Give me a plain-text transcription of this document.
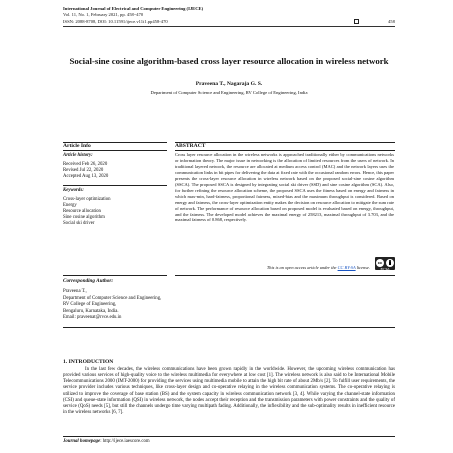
International Journal of Electrical and Computer Engineering (IJECE)
Vol. 11, No. 1, February 2021, pp. 458~470
ISSN: 2088-8708, DOI: 10.11591/ijece.v11i1.pp458-470	458
Social-sine cosine algorithm-based cross layer resource allocation in wireless network
Praveena T., Nagaraja G. S.
Department of Computer Science and Engineering, RV College of Engineering, India
Article Info	ABSTRACT
Article history:
Received Feb 26, 2020
Revised Jul 22, 2020
Accepted Aug 13, 2020
Keywords:
Cross-layer optimization
Energy
Resource allocation
Sine cosine algorithm
Social ski driver
Cross layer resource allocation in the wireless networks is approached traditionally either by communications networks or information theory. The major issue in networking is the allocation of limited resources from the users of network. In traditional layered network, the resource are allocated at medium access control (MAC) and the network layers uses the communication links in bit pipes for delivering the data at fixed rate with the occasional random errors. Hence, this paper presents the cross-layer resource allocation in wireless network based on the proposed social-sine cosine algorithm (SSCA). The proposed SSCA is designed by integrating social ski driver (SSD) and sine cosine algorithm (SCA). Also, for further refining the resource allocation scheme, the proposed SSCA uses the fitness based on energy and fairness in which max-min, hard-fairness, proportional fairness, mixed-bias and the maximum throughput is considered. Based on energy and fairness, the cross-layer optimization entity makes the decision on resource allocation to mitigate the sum rate of network. The performance of resource allocation based on proposed model is evaluated based on energy, throughput, and the fairness. The developed model achieves the maximal energy of 258213, maximal throughput of 3.703, and the maximal fairness of 0.868, respectively.
This is an open access article under the CC BY-SA license.
cc
BY SA
Corresponding Author:
Praveena T.,
Department of Computer Science and Engineering,
RV College of Engineering,
Bengaluru, Karnataka, India.
Email: praveenat@rvce.edu.in
1. INTRODUCTION
In the last few decades, the wireless communications have been grown rapidly in the worldwide. However, the upcoming wireless communication has provided various services of high-quality voice to the wireless multimedia for everywhere at low cost [1]. The wireless network is also said to be International Mobile Telecommunications 2000 (IMT-2000) for providing the services using multimedia mobile to attain the high bit rate of about 2Mb/s [2]. To fulfill user requirements, the service provider includes various techniques, like cross-layer design and co-operative relaying in the wireless communication systems. The co-operative relaying is utilized to improve the coverage of base station (BS) and the system capacity in wireless communication network [3, 4]. While varying the channel-state information (CSI) and queue-state information (QSI) in wireless network, the nodes accept their reception and the transmission parameters with power constraints and the quality of service (QoS) needs [5], but still the channels undergo time varying multipath fading. Additionally, the inflexibility and the sub-optimality results in inefficient resource in the wireless networks [6, 7].
Journal homepage: http://ijece.iaescore.com
